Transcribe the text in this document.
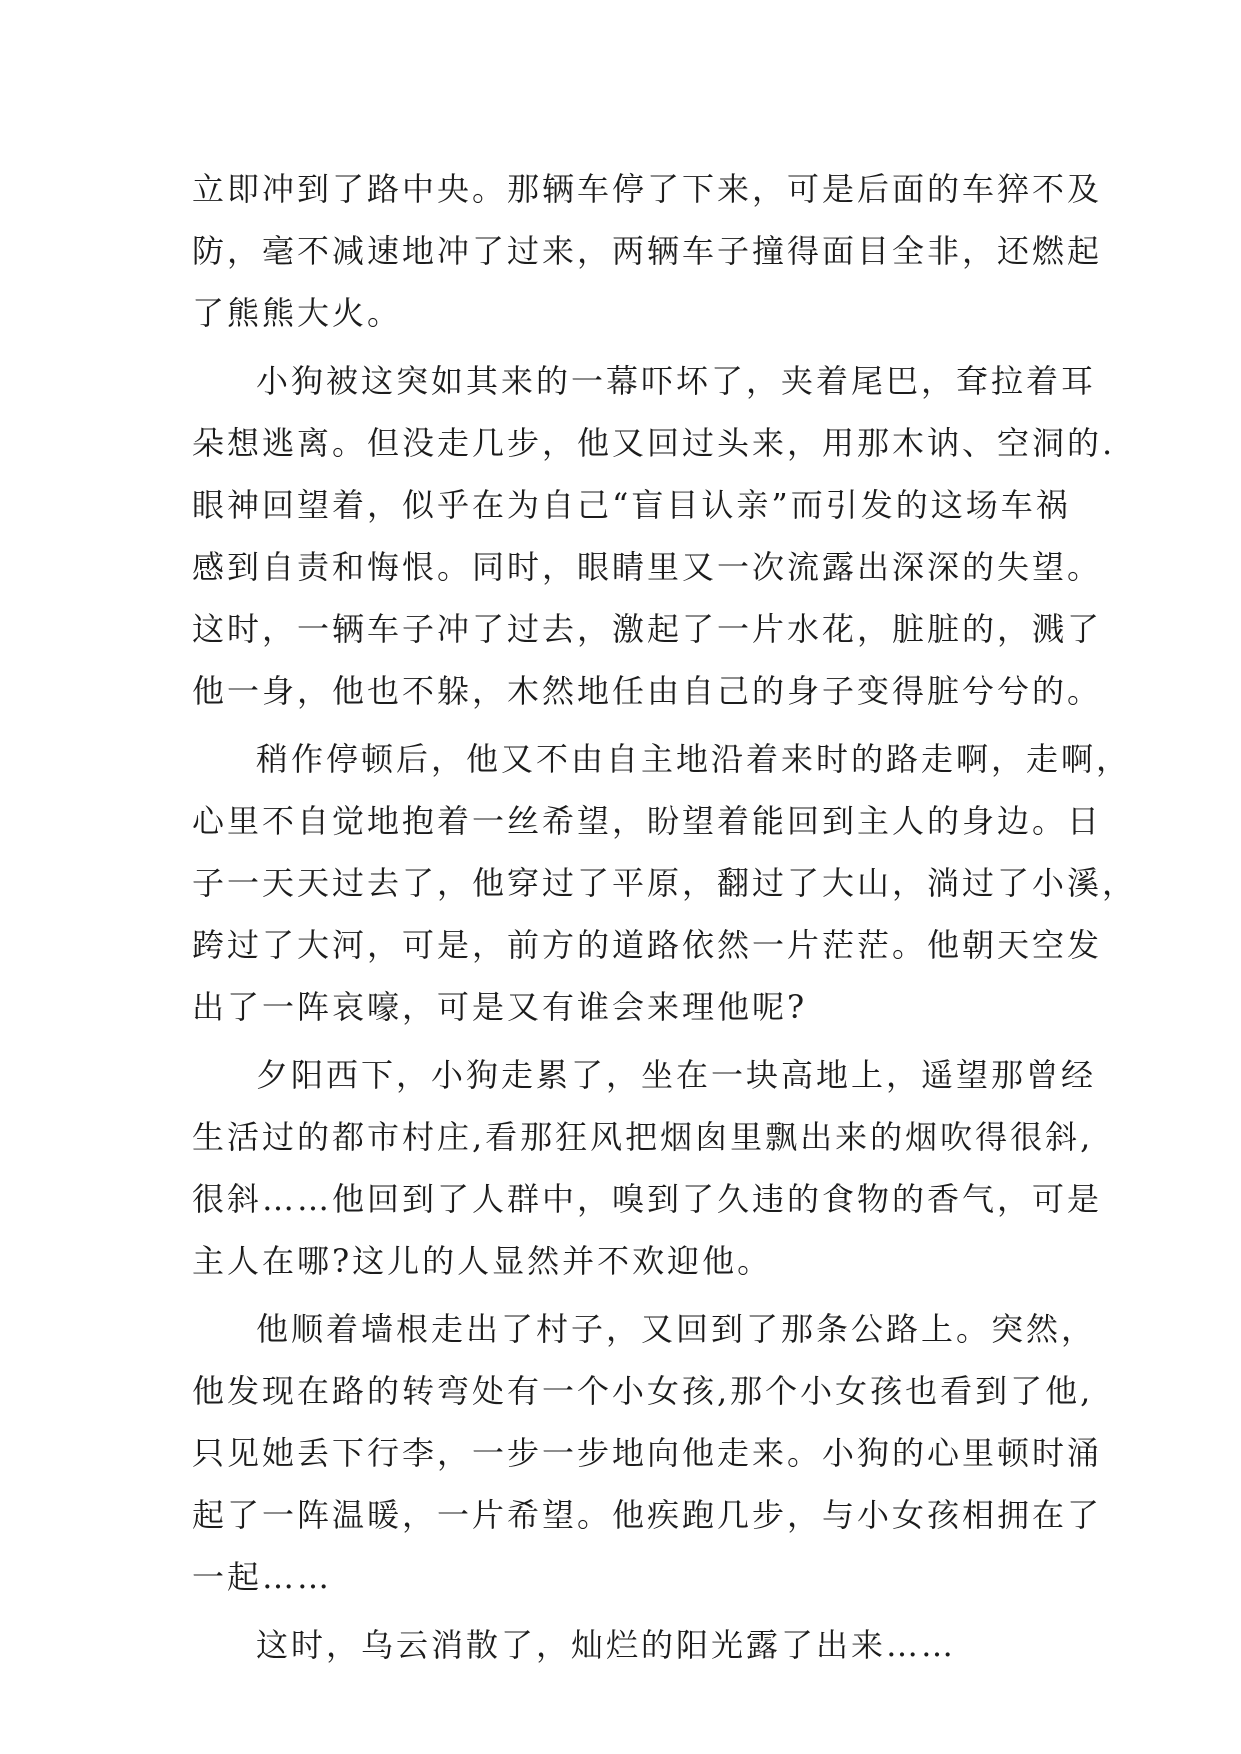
立即冲到了路中央。那辆车停了下来，可是后面的车猝不及
防，毫不减速地冲了过来，两辆车子撞得面目全非，还燃起
了熊熊大火。
小狗被这突如其来的一幕吓坏了，夹着尾巴，耷拉着耳
朵想逃离。但没走几步，他又回过头来，用那木讷、空洞的.
眼神回望着，似乎在为自己“盲目认亲”而引发的这场车祸
感到自责和悔恨。同时，眼睛里又一次流露出深深的失望。
这时，一辆车子冲了过去，激起了一片水花，脏脏的，溅了
他一身，他也不躲，木然地任由自己的身子变得脏兮兮的。
稍作停顿后，他又不由自主地沿着来时的路走啊，走啊，
心里不自觉地抱着一丝希望，盼望着能回到主人的身边。日
子一天天过去了，他穿过了平原，翻过了大山，淌过了小溪，
跨过了大河，可是，前方的道路依然一片茫茫。他朝天空发
出了一阵哀嚎，可是又有谁会来理他呢?
夕阳西下，小狗走累了，坐在一块高地上，遥望那曾经
生活过的都市村庄,看那狂风把烟囱里飘出来的烟吹得很斜,
很斜……他回到了人群中，嗅到了久违的食物的香气，可是
主人在哪?这儿的人显然并不欢迎他。
他顺着墙根走出了村子，又回到了那条公路上。突然，
他发现在路的转弯处有一个小女孩,那个小女孩也看到了他,
只见她丢下行李，一步一步地向他走来。小狗的心里顿时涌
起了一阵温暖，一片希望。他疾跑几步，与小女孩相拥在了
一起……
这时，乌云消散了，灿烂的阳光露了出来……
